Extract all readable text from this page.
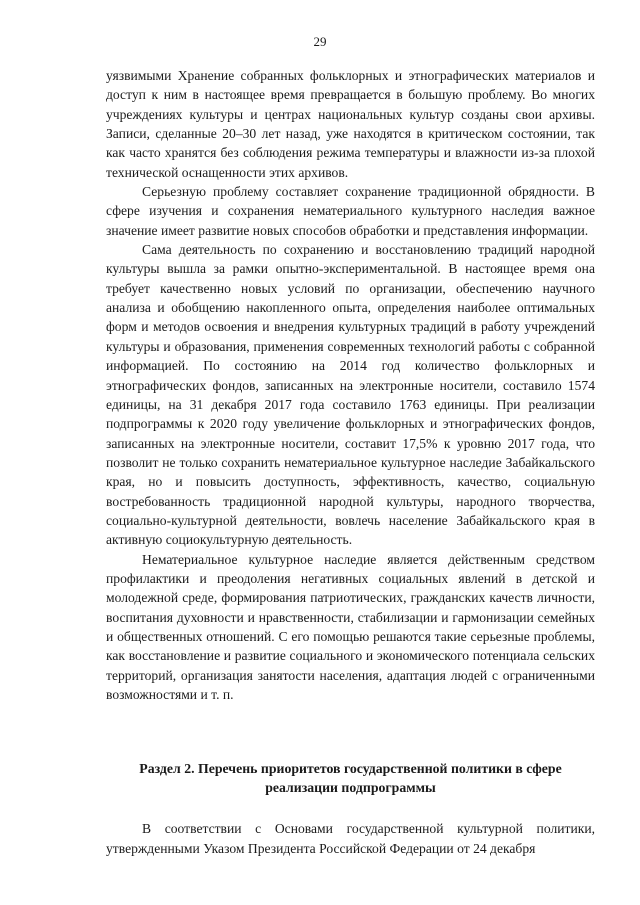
29

уязвимыми Хранение собранных фольклорных и этнографических материалов и доступ к ним в настоящее время превращается в большую проблему. Во многих учреждениях культуры и центрах национальных культур созданы свои архивы. Записи, сделанные 20–30 лет назад, уже находятся в критическом состоянии, так как часто хранятся без соблюдения режима температуры и влажности из-за плохой технической оснащенности этих архивов.

Серьезную проблему составляет сохранение традиционной обрядности. В сфере изучения и сохранения нематериального культурного наследия важное значение имеет развитие новых способов обработки и представления информации.

Сама деятельность по сохранению и восстановлению традиций народной культуры вышла за рамки опытно-экспериментальной. В настоящее время она требует качественно новых условий по организации, обеспечению научного анализа и обобщению накопленного опыта, определения наиболее оптимальных форм и методов освоения и внедрения культурных традиций в работу учреждений культуры и образования, применения современных технологий работы с собранной информацией. По состоянию на 2014 год количество фольклорных и этнографических фондов, записанных на электронные носители, составило 1574 единицы, на 31 декабря 2017 года составило 1763 единицы. При реализации подпрограммы к 2020 году увеличение фольклорных и этнографических фондов, записанных на электронные носители, составит 17,5% к уровню 2017 года, что позволит не только сохранить нематериальное культурное наследие Забайкальского края, но и повысить доступность, эффективность, качество, социальную востребованность традиционной народной культуры, народного творчества, социально-культурной деятельности, вовлечь население Забайкальского края в активную социокультурную деятельность.

Нематериальное культурное наследие является действенным средством профилактики и преодоления негативных социальных явлений в детской и молодежной среде, формирования патриотических, гражданских качеств личности, воспитания духовности и нравственности, стабилизации и гармонизации семейных и общественных отношений. С его помощью решаются такие серьезные проблемы, как восстановление и развитие социального и экономического потенциала сельских территорий, организация занятости населения, адаптация людей с ограниченными возможностями и т. п.

Раздел 2. Перечень приоритетов государственной политики в сфере
реализации подпрограммы

В соответствии с Основами государственной культурной политики, утвержденными Указом Президента Российской Федерации от 24 декабря
